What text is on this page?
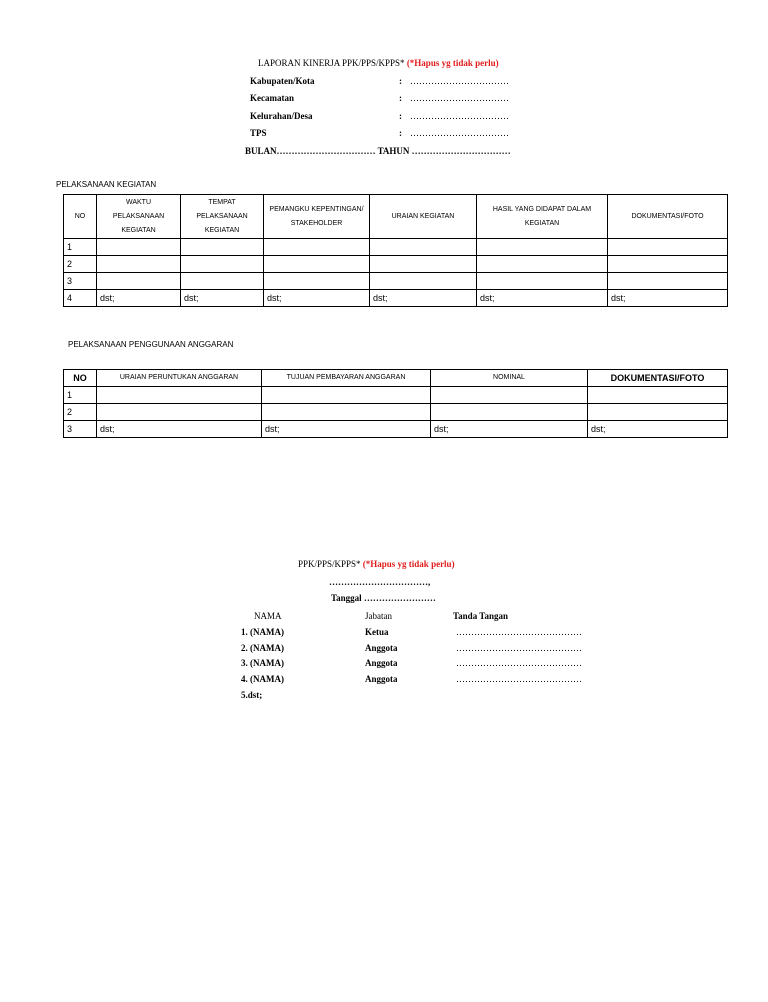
LAPORAN KINERJA PPK/PPS/KPPS* (*Hapus yg tidak perlu)
Kabupaten/Kota	: ……………………………
Kecamatan	: ……………………………
Kelurahan/Desa	: ……………………………
TPS	: ……………………………
BULAN…………………………… TAHUN ……………………………
PELAKSANAAN KEGIATAN
NO	WAKTU PELAKSANAAN KEGIATAN	TEMPAT PELAKSANAAN KEGIATAN	PEMANGKU KEPENTINGAN/ STAKEHOLDER	URAIAN KEGIATAN	HASIL YANG DIDAPAT DALAM KEGIATAN	DOKUMENTASI/FOTO
1						
2						
3						
4	dst;	dst;	dst;	dst;	dst;	dst;
PELAKSANAAN PENGGUNAAN ANGGARAN
NO	URAIAN PERUNTUKAN ANGGARAN	TUJUAN PEMBAYARAN ANGGARAN	NOMINAL	DOKUMENTASI/FOTO
1				
2				
3	dst;	dst;	dst;	dst;
PPK/PPS/KPPS* (*Hapus yg tidak perlu)
……………………………,
Tanggal ……………………
NAMA	Jabatan	Tanda Tangan
1. (NAMA)	Ketua	……………………………………
2. (NAMA)	Anggota	……………………………………
3. (NAMA)	Anggota	……………………………………
4. (NAMA)	Anggota	……………………………………
5.dst;
